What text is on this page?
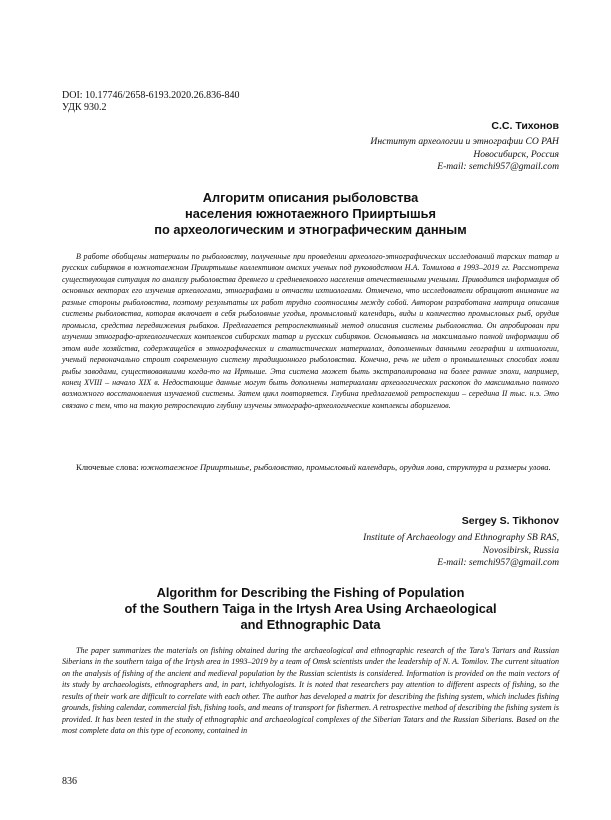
DOI: 10.17746/2658-6193.2020.26.836-840
УДК 930.2
С.С. Тихонов
Институт археологии и этнографии СО РАН
Новосибирск, Россия
E-mail: semchi957@gmail.com
Алгоритм описания рыболовства
населения южнотаежного Прииртышья
по археологическим и этнографическим данным

В работе обобщены материалы по рыболовству, полученные при проведении археолого-этнографических исследований тарских татар и русских сибиряков в южнотаежном Прииртышье коллективом омских ученых под руководством Н.А. Томилова в 1993–2019 гг. Рассмотрена существующая ситуация по анализу рыболовства древнего и средневекового населения отечественными учеными. Приводится информация об основных векторах его изучения археологами, этнографами и отчасти ихтиологами. Отмечено, что исследователи обращают внимание на разные стороны рыболовства, поэтому результаты их работ трудно соотносимы между собой. Автором разработана матрица описания системы рыболовства, которая включает в себя рыболовные угодья, промысловый календарь, виды и количество промысловых рыб, орудия промысла, средства передвижения рыбаков. Предлагается ретроспективный метод описания системы рыболовства. Он апробирован при изучении этнографо-археологических комплексов сибирских татар и русских сибиряков. Основываясь на максимально полной информации об этом виде хозяйства, содержащейся в этнографических и статистических материалах, дополненных данными географии и ихтиологии, ученый первоначально строит современную систему традиционного рыболовства. Конечно, речь не идет о промышленных способах ловли рыбы заводами, существовавшими когда-то на Иртыше. Эта система может быть экстраполирована на более ранние эпохи, например, конец XVIII – начало XIX в. Недостающие данные могут быть дополнены материалами археологических раскопок до максимально полного возможного восстановления изучаемой системы. Затем цикл повторяется. Глубина предлагаемой ретроспекции – середина II тыс. н.э. Это связано с тем, что на такую ретроспекцию глубину изучены этнографо-археологические комплексы аборигенов.

Ключевые слова: южнотаежное Прииртышье, рыболовство, промысловый календарь, орудия лова, структура и размеры улова.

Sergey S. Tikhonov
Institute of Archaeology and Ethnography SB RAS,
Novosibirsk, Russia
E-mail: semchi957@gmail.com
Algorithm for Describing the Fishing of Population
of the Southern Taiga in the Irtysh Area Using Archaeological
and Ethnographic Data

The paper summarizes the materials on fishing obtained during the archaeological and ethnographic research of the Tara's Tartars and Russian Siberians in the southern taiga of the Irtysh area in 1993–2019 by a team of Omsk scientists under the leadership of N. A. Tomilov. The current situation on the analysis of fishing of the ancient and medieval population by the Russian scientists is considered. Information is provided on the main vectors of its study by archaeologists, ethnographers and, in part, ichthyologists. It is noted that researchers pay attention to different aspects of fishing, so the results of their work are difficult to correlate with each other. The author has developed a matrix for describing the fishing system, which includes fishing grounds, fishing calendar, commercial fish, fishing tools, and means of transport for fishermen. A retrospective method of describing the fishing system is provided. It has been tested in the study of ethnographic and archaeological complexes of the Siberian Tatars and the Russian Siberians. Based on the most complete data on this type of economy, contained in

836
